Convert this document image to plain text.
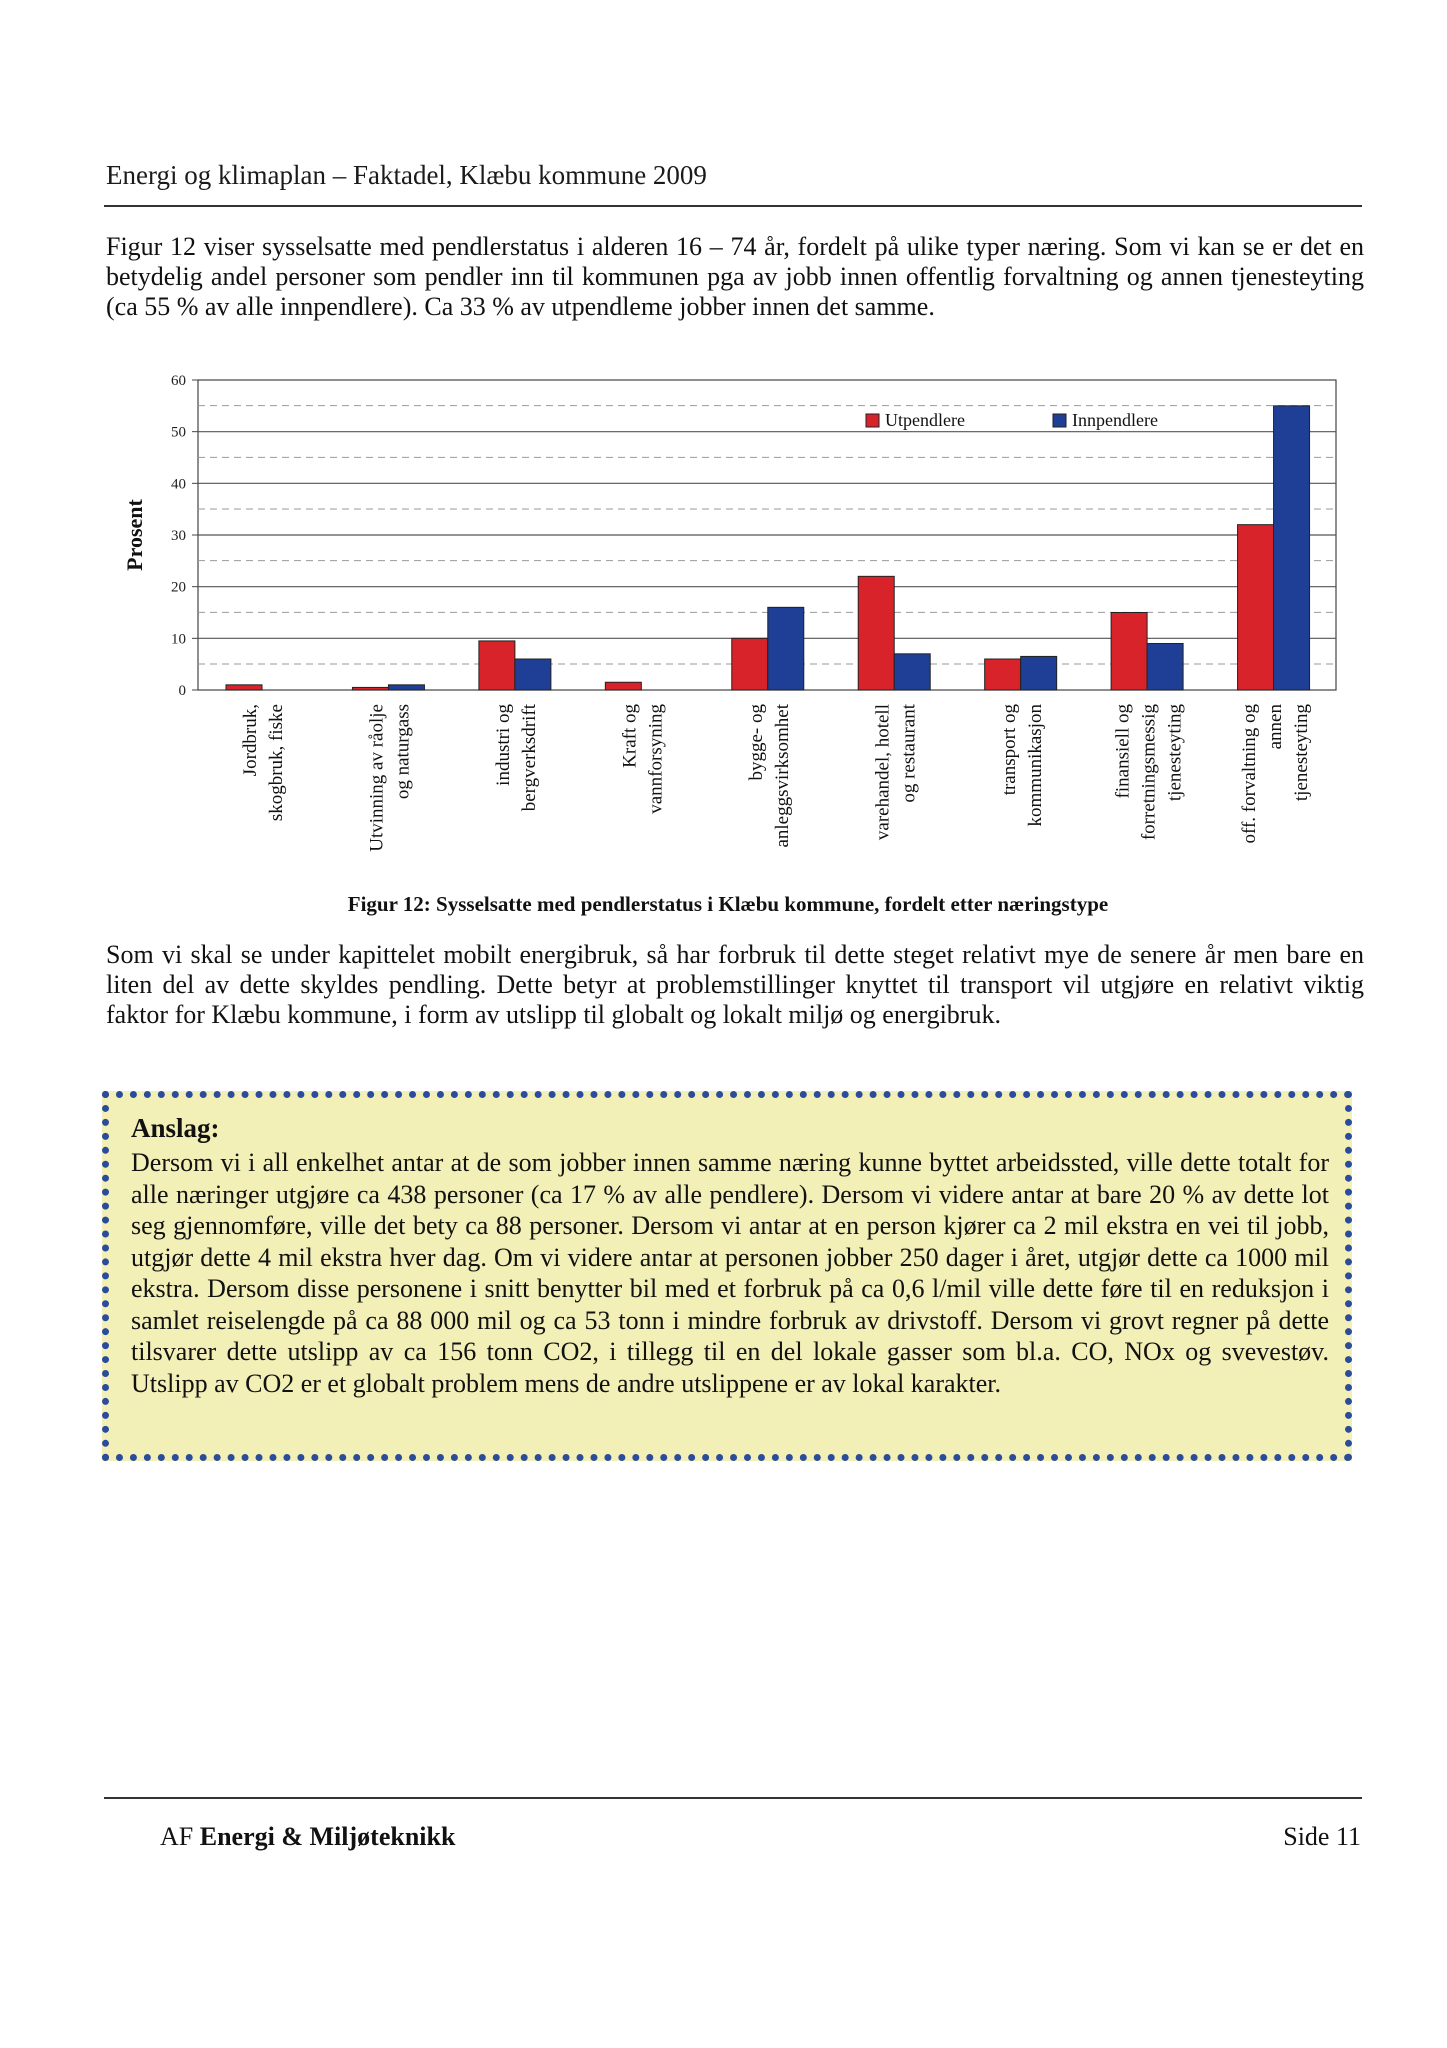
Energi og klimaplan – Faktadel, Klæbu kommune 2009

Figur 12 viser sysselsatte med pendlerstatus i alderen 16 – 74 år, fordelt på ulike typer næring. Som vi kan se er det en betydelig andel personer som pendler inn til kommunen pga av jobb innen offentlig forvaltning og annen tjenesteyting (ca 55 % av alle innpendlere). Ca 33 % av utpendleme jobber innen det samme.

0
10
20
30
40
50
60
Prosent
Jordbruk, skogbruk, fiske	Utvinning av råolje og naturgass	industri og bergverksdrift	Kraft og vannforsyning	bygge- og anleggsvirksomhet	varehandel, hotell og restaurant	transport og kommunikasjon	finansiell og forretningsmessig tjenesteyting	off. forvaltning og annen tjenesteyting
Utpendlere	Innpendlere
Figur 12: Sysselsatte med pendlerstatus i Klæbu kommune, fordelt etter næringstype

Som vi skal se under kapittelet mobilt energibruk, så har forbruk til dette steget relativt mye de senere år men bare en liten del av dette skyldes pendling. Dette betyr at problemstillinger knyttet til transport vil utgjøre en relativt viktig faktor for Klæbu kommune, i form av utslipp til globalt og lokalt miljø og energibruk.

Anslag:

Dersom vi i all enkelhet antar at de som jobber innen samme næring kunne byttet arbeidssted, ville dette totalt for alle næringer utgjøre ca 438 personer (ca 17 % av alle pendlere). Dersom vi videre antar at bare 20 % av dette lot seg gjennomføre, ville det bety ca 88 personer. Dersom vi antar at en person kjører ca 2 mil ekstra en vei til jobb, utgjør dette 4 mil ekstra hver dag. Om vi videre antar at personen jobber 250 dager i året, utgjør dette ca 1000 mil ekstra. Dersom disse personene i snitt benytter bil med et forbruk på ca 0,6 l/mil ville dette føre til en reduksjon i samlet reiselengde på ca 88 000 mil og ca 53 tonn i mindre forbruk av drivstoff. Dersom vi grovt regner på dette tilsvarer dette utslipp av ca 156 tonn CO2, i tillegg til en del lokale gasser som bl.a. CO, NOx og svevestøv. Utslipp av CO2 er et globalt problem mens de andre utslippene er av lokal karakter.

AF Energi & Miljøteknikk	Side 11
